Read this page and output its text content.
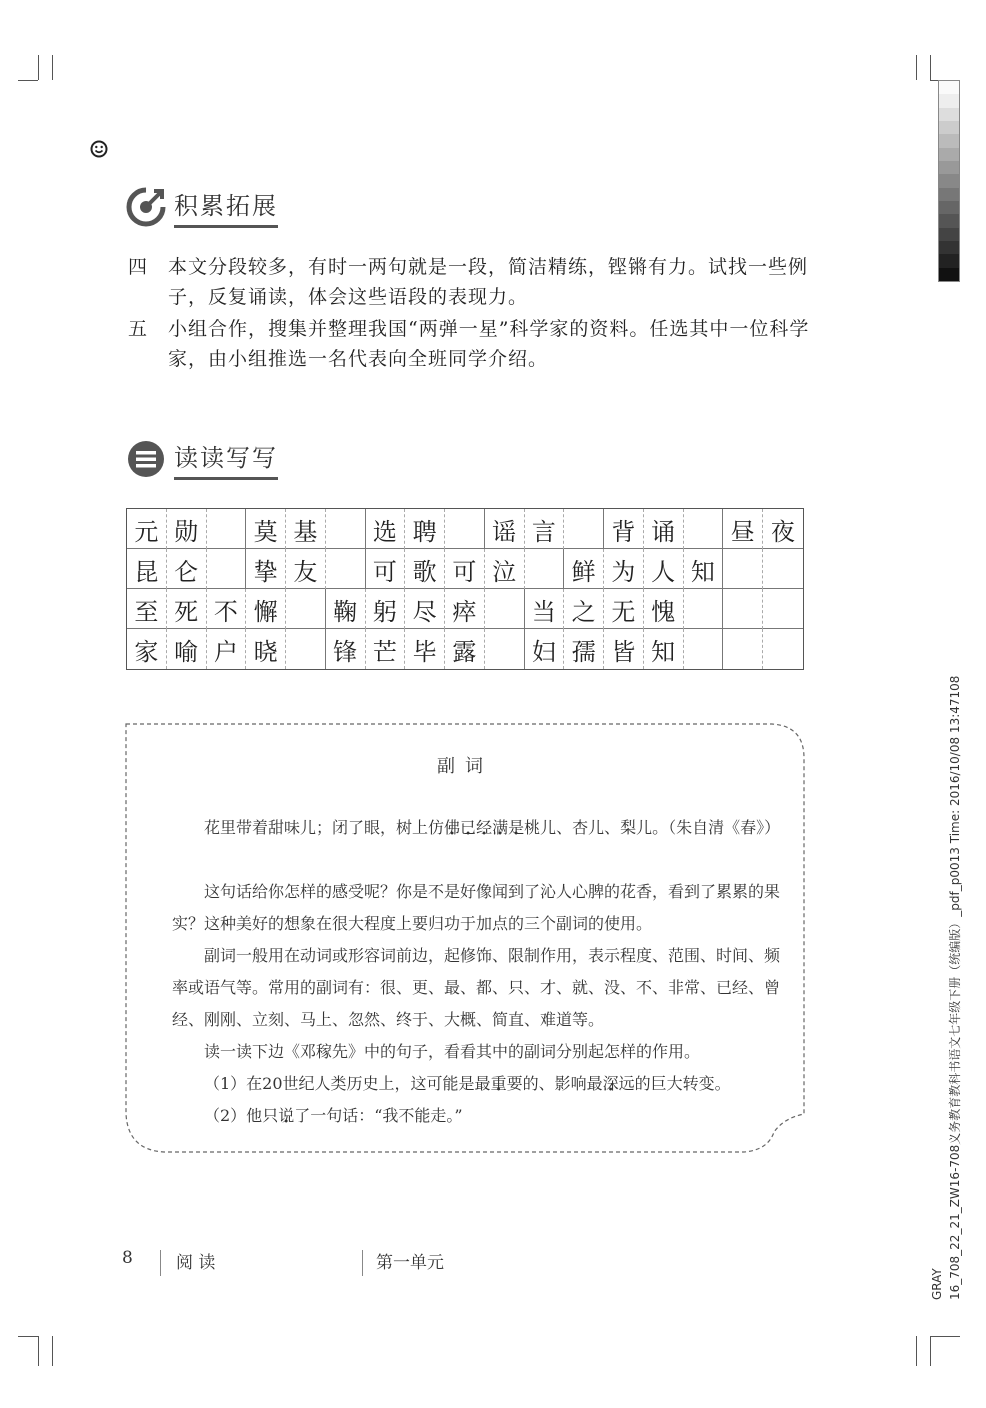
积累拓展
四	本文分段较多，有时一两句就是一段，简洁精练，铿锵有力。试找一些例子，反复诵读，体会这些语段的表现力。
五	小组合作，搜集并整理我国“两弹一星”科学家的资料。任选其中一位科学家，由小组推选一名代表向全班同学介绍。
读读写写
元 勋	莫 基	选 聘	谣 言	背 诵	昼 夜
昆 仑	挚 友	可 歌 可 泣	鲜 为 人 知
至 死 不 懈	鞠 躬 尽 瘁	当 之 无 愧
家 喻 户 晓	锋 芒 毕 露	妇 孺 皆 知
副词
花里带着甜味儿；闭了眼，树上仿佛已经满是桃儿、杏儿、梨儿。（朱自清《春》）
这句话给你怎样的感受呢？你是不是好像闻到了沁人心脾的花香，看到了累累的果实？这种美好的想象在很大程度上要归功于加点的三个副词的使用。
副词一般用在动词或形容词前边，起修饰、限制作用，表示程度、范围、时间、频率或语气等。常用的副词有：很、更、最、都、只、才、就、没、不、非常、已经、曾经、刚刚、立刻、马上、忽然、终于、大概、简直、难道等。
读一读下边《邓稼先》中的句子，看看其中的副词分别起怎样的作用。
（1）在20世纪人类历史上，这可能是最重要的、影响最深远的巨大转变。
（2）他只说了一句话：“我不能走。”
8	阅 读	第一单元	16_708_22_21_ZW16-708义务教育教科书语文七年级下册（统编版）_pdf_p0013 Time: 2016/10/08 13:47108
GRAY
